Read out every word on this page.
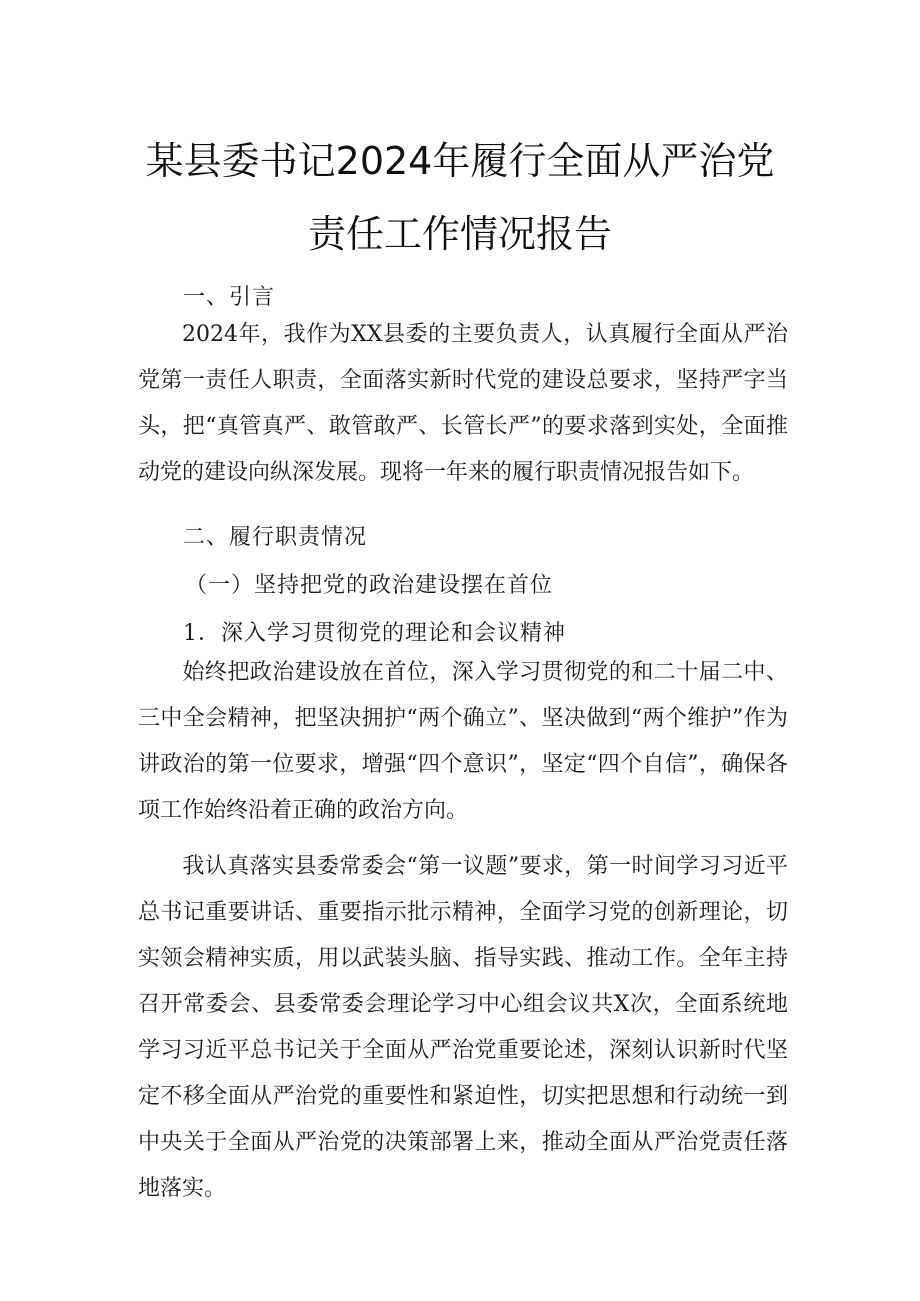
某县委书记2024年履行全面从严治党
责任工作情况报告
一、引言
2024年，我作为XX县委的主要负责人，认真履行全面从严治党第一责任人职责，全面落实新时代党的建设总要求，坚持严字当头，把“真管真严、敢管敢严、长管长严”的要求落到实处，全面推动党的建设向纵深发展。现将一年来的履行职责情况报告如下。
二、履行职责情况
（一）坚持把党的政治建设摆在首位
1．深入学习贯彻党的理论和会议精神
始终把政治建设放在首位，深入学习贯彻党的和二十届二中、三中全会精神，把坚决拥护“两个确立”、坚决做到“两个维护”作为讲政治的第一位要求，增强“四个意识”，坚定“四个自信”，确保各项工作始终沿着正确的政治方向。
我认真落实县委常委会“第一议题”要求，第一时间学习习近平总书记重要讲话、重要指示批示精神，全面学习党的创新理论，切实领会精神实质，用以武装头脑、指导实践、推动工作。全年主持召开常委会、县委常委会理论学习中心组会议共X次，全面系统地学习习近平总书记关于全面从严治党重要论述，深刻认识新时代坚定不移全面从严治党的重要性和紧迫性，切实把思想和行动统一到中央关于全面从严治党的决策部署上来，推动全面从严治党责任落地落实。
